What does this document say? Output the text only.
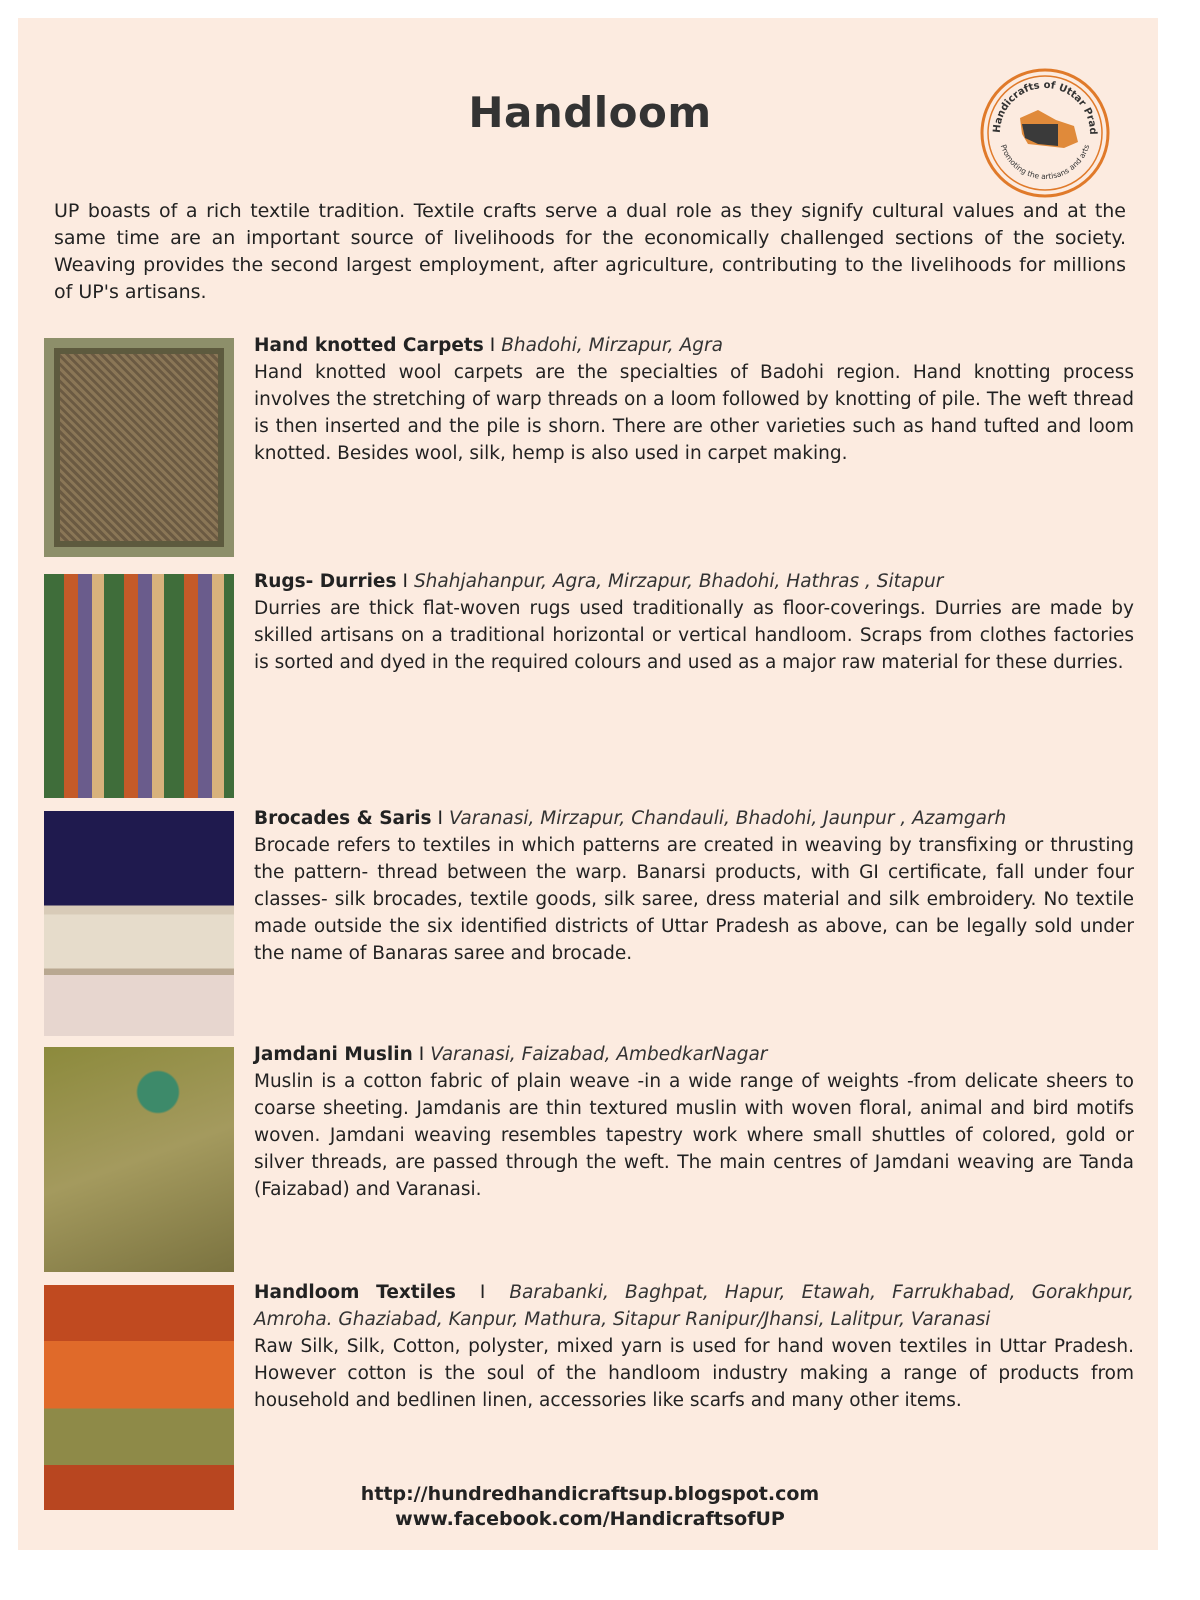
Handloom	Handicrafts of Uttar Prad
Promoting the artisans and arts

UP boasts of a rich textile tradition. Textile crafts serve a dual role as they signify cultural values and at the same time are an important source of livelihoods for the economically challenged sections of the society. Weaving provides the second largest employment, after agriculture, contributing to the livelihoods for millions of UP's artisans.

Hand knotted Carpets I Bhadohi, Mirzapur, Agra
Hand knotted wool carpets are the specialties of Badohi region. Hand knotting process involves the stretching of warp threads on a loom followed by knotting of pile. The weft thread is then inserted and the pile is shorn. There are other varieties such as hand tufted and loom knotted. Besides wool, silk, hemp is also used in carpet making.
Rugs- Durries I Shahjahanpur, Agra, Mirzapur, Bhadohi, Hathras , Sitapur
Durries are thick flat-woven rugs used traditionally as floor-coverings. Durries are made by skilled artisans on a traditional horizontal or vertical handloom. Scraps from clothes factories is sorted and dyed in the required colours and used as a major raw material for these durries.
Brocades & Saris I Varanasi, Mirzapur, Chandauli, Bhadohi, Jaunpur , Azamgarh
Brocade refers to textiles in which patterns are created in weaving by transfixing or thrusting the pattern- thread between the warp. Banarsi products, with GI certificate, fall under four classes- silk brocades, textile goods, silk saree, dress material and silk embroidery. No textile made outside the six identified districts of Uttar Pradesh as above, can be legally sold under the name of Banaras saree and brocade.
Jamdani Muslin I Varanasi, Faizabad, AmbedkarNagar
Muslin is a cotton fabric of plain weave -in a wide range of weights -from delicate sheers to coarse sheeting. Jamdanis are thin textured muslin with woven floral, animal and bird motifs woven. Jamdani weaving resembles tapestry work where small shuttles of colored, gold or silver threads, are passed through the weft. The main centres of Jamdani weaving are Tanda (Faizabad) and Varanasi.
Handloom Textiles I Barabanki, Baghpat, Hapur, Etawah, Farrukhabad, Gorakhpur, Amroha. Ghaziabad, Kanpur, Mathura, Sitapur Ranipur/Jhansi, Lalitpur, Varanasi
Raw Silk, Silk, Cotton, polyster, mixed yarn is used for hand woven textiles in Uttar Pradesh. However cotton is the soul of the handloom industry making a range of products from household and bedlinen linen, accessories like scarfs and many other items.
http://hundredhandicraftsup.blogspot.com
www.facebook.com/HandicraftsofUP
